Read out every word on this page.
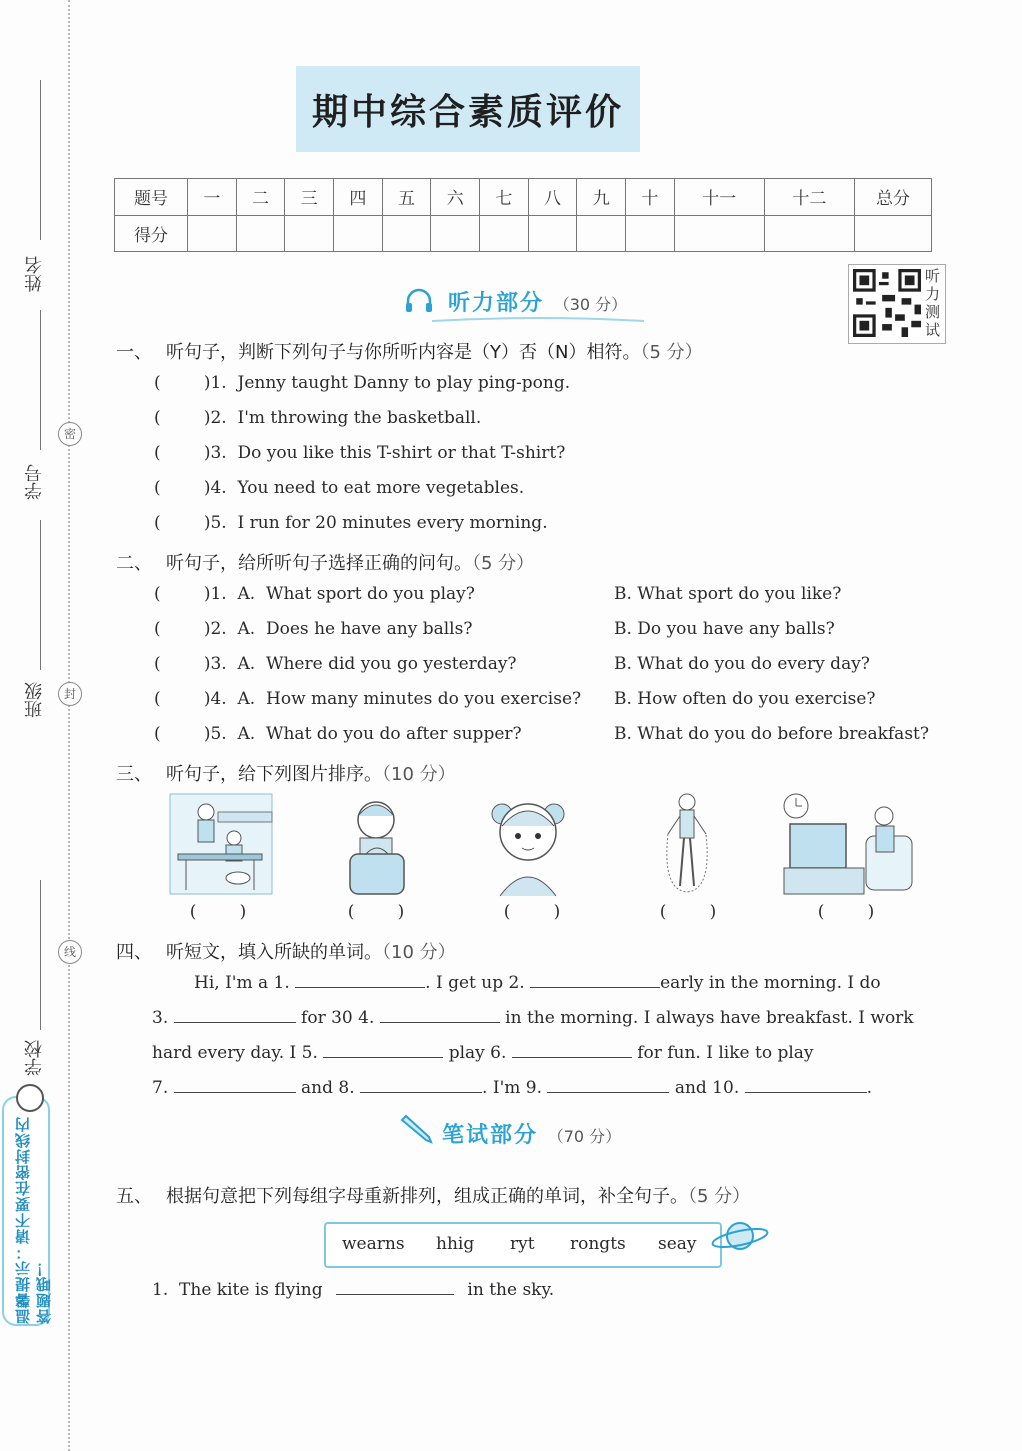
姓名
学号
班级
学校
密
封
线
温馨提示：请不要在密封线内答题哦！
期中综合素质评价
题号	一	二	三	四	五	六	七	八	九	十	十一	十二	总分
得分													
听力部分 （30 分）
听力测试
一、 听句子，判断下列句子与你所听内容是（Y）否（N）相符。（5 分）
(        )1.  Jenny taught Danny to play ping-pong.
(        )2.  I'm throwing the basketball.
(        )3.  Do you like this T-shirt or that T-shirt?
(        )4.  You need to eat more vegetables.
(        )5.  I run for 20 minutes every morning.
二、 听句子，给所听句子选择正确的问句。（5 分）
(        )1.  A.  What sport do you play?	B. What sport do you like?
(        )2.  A.  Does he have any balls?	B. Do you have any balls?
(        )3.  A.  Where did you go yesterday?	B. What do you do every day?
(        )4.  A.  How many minutes do you exercise? B. How often do you exercise?
(        )5.  A.  What do you do after supper?	B. What do you do before breakfast?
三、 听句子，给下列图片排序。（10 分）
(        )	(        )	(        )	(        )	(        )
四、 听短文，填入所缺的单词。（10 分）
Hi, I'm a 1.	. I get up 2.	early in the morning. I do
3.	for 30 4.	in the morning. I always have breakfast. I work
hard every day. I 5.	play 6.	for fun. I like to play
7.	and 8.	. I'm 9.	and 10.	.
笔试部分 （70 分）
五、 根据句意把下列每组字母重新排列，组成正确的单词，补全句子。（5 分）
wearns hhig ryt rongts seay
1.  The kite is flying	in the sky.
